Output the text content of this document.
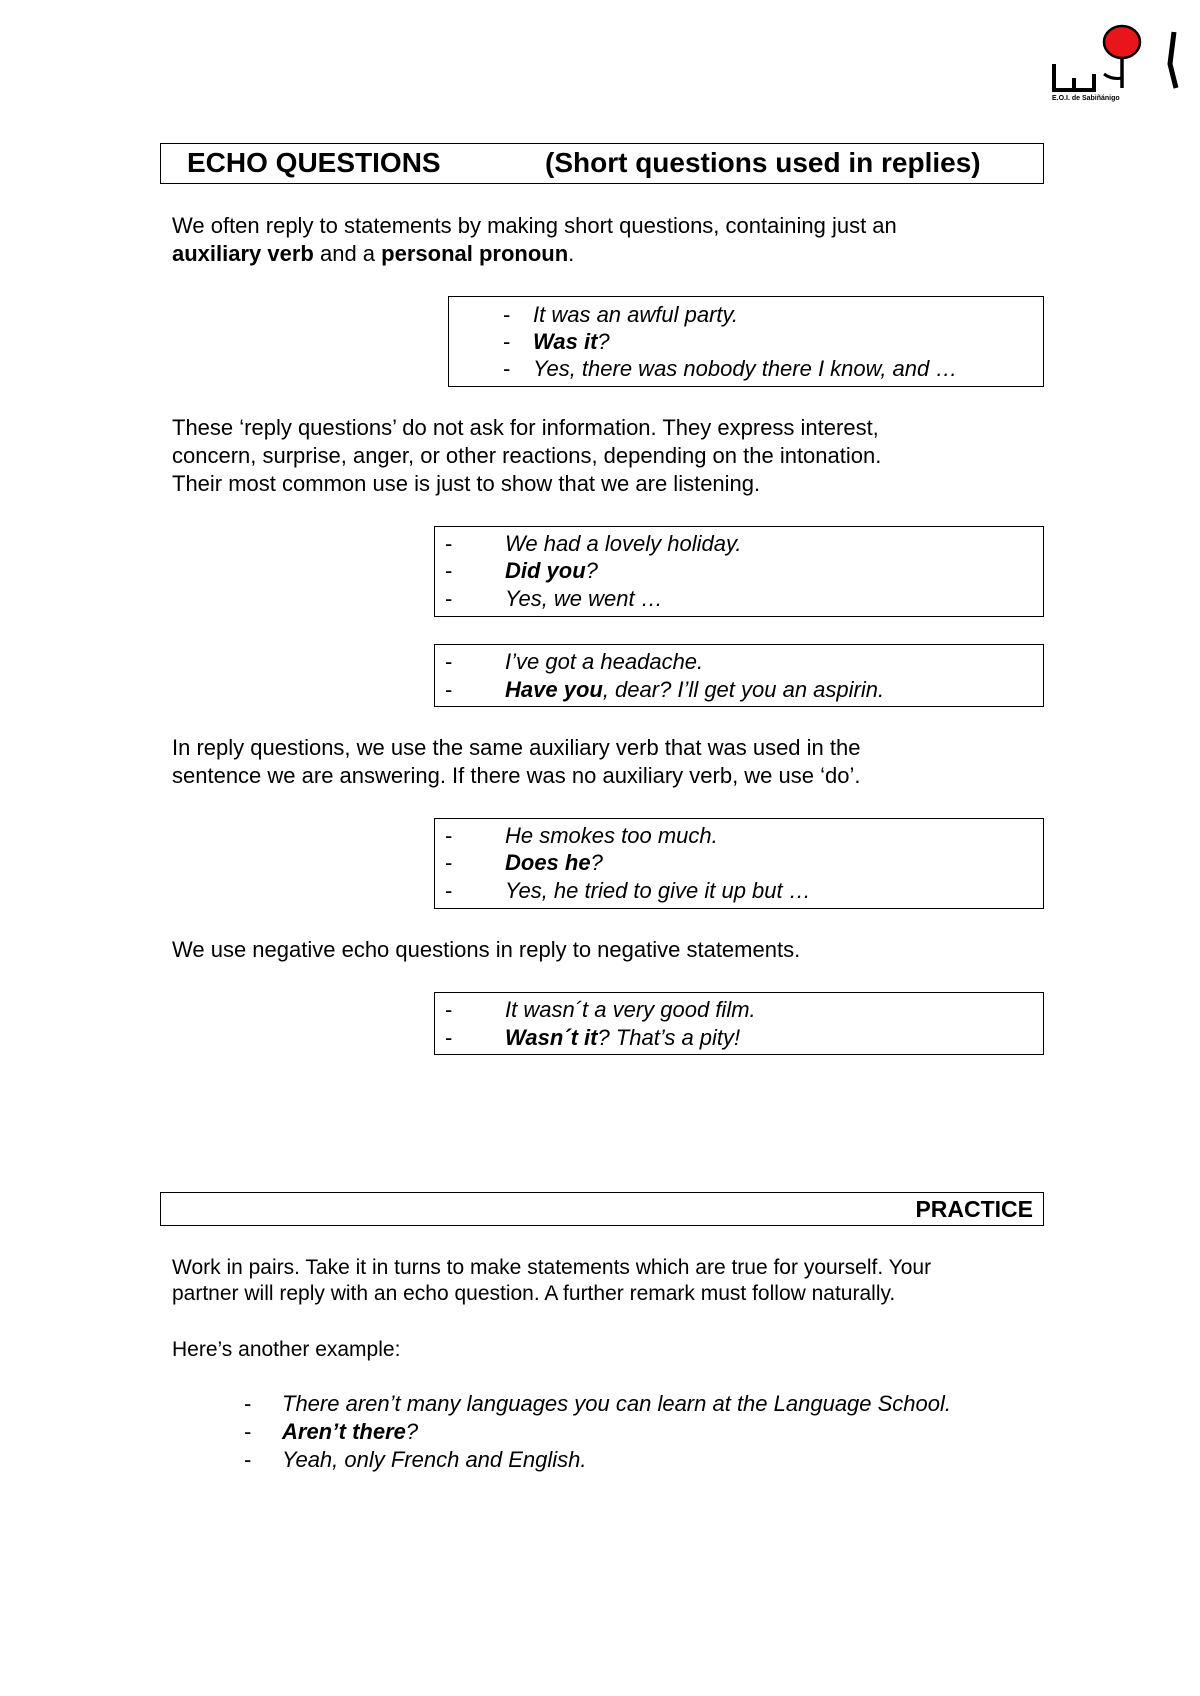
E.O.I. de Sabiñánigo
ECHO QUESTIONS	(Short questions used in replies)
We often reply to statements by making short questions, containing just an
auxiliary verb and a personal pronoun.
- It was an awful party.
- Was it?
- Yes, there was nobody there I know, and …
These ‘reply questions’ do not ask for information. They express interest,
concern, surprise, anger, or other reactions, depending on the intonation.
Their most common use is just to show that we are listening.
- We had a lovely holiday.
- Did you?
- Yes, we went …
- I’ve got a headache.
- Have you, dear? I’ll get you an aspirin.
In reply questions, we use the same auxiliary verb that was used in the
sentence we are answering. If there was no auxiliary verb, we use ‘do’.
- He smokes too much.
- Does he?
- Yes, he tried to give it up but …
We use negative echo questions in reply to negative statements.
- It wasn´t a very good film.
- Wasn´t it? That’s a pity!
PRACTICE
Work in pairs. Take it in turns to make statements which are true for yourself. Your
partner will reply with an echo question. A further remark must follow naturally.
Here’s another example:
- There aren’t many languages you can learn at the Language School.
- Aren’t there?
- Yeah, only French and English.
